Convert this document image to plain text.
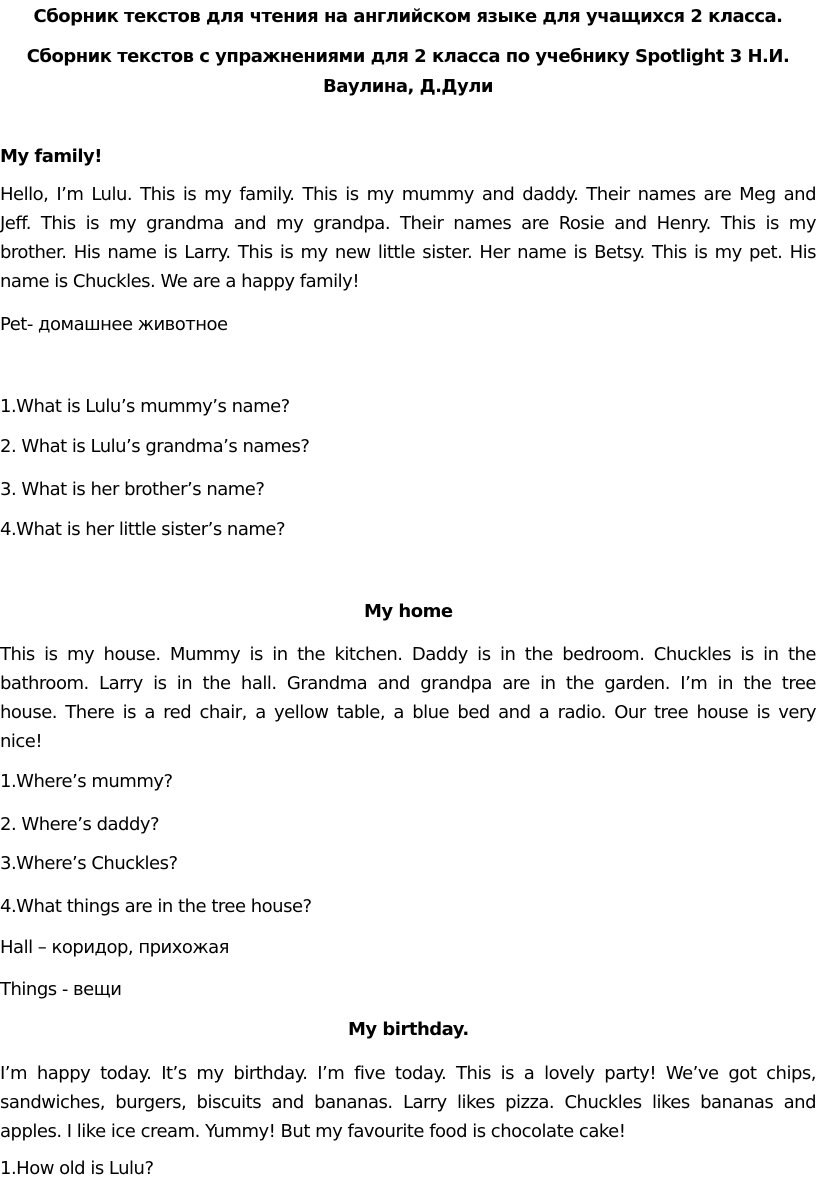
Сборник текстов для чтения на английском языке для учащихся 2 класса.
Сборник текстов с упражнениями для 2 класса по учебнику Spotlight 3 Н.И.
Ваулина, Д.Дули
My family!
Hello, I’m Lulu. This is my family. This is my mummy and daddy. Their names are Meg and
Jeff. This is my grandma and my grandpa. Their names are Rosie and Henry. This is my
brother. His name is Larry. This is my new little sister. Her name is Betsy. This is my pet. His
name is Chuckles. We are a happy family!
Pet- домашнее животное
1.What is Lulu’s mummy’s name?
2. What is Lulu’s grandma’s names?
3. What is her brother’s name?
4.What is her little sister’s name?
My home
This is my house. Mummy is in the kitchen. Daddy is in the bedroom. Chuckles is in the
bathroom. Larry is in the hall. Grandma and grandpa are in the garden. I’m in the tree
house. There is a red chair, a yellow table, a blue bed and a radio. Our tree house is very
nice!
1.Where’s mummy?
2. Where’s daddy?
3.Where’s Chuckles?
4.What things are in the tree house?
Hall – коридор, прихожая
Things - вещи
My birthday.
I’m happy today. It’s my birthday. I’m five today. This is a lovely party! We’ve got chips,
sandwiches, burgers, biscuits and bananas. Larry likes pizza. Chuckles likes bananas and
apples. I like ice cream. Yummy! But my favourite food is chocolate cake!
1.How old is Lulu?
